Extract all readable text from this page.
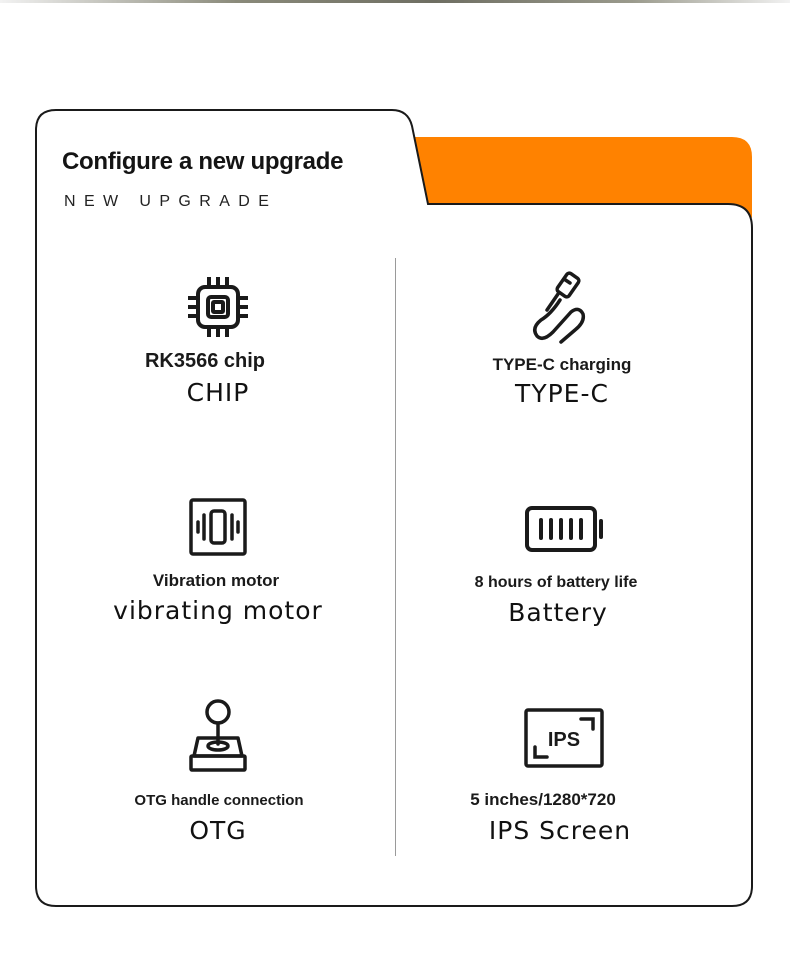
Configure a new upgrade
NEW UPGRADE
RK3566 chip
CHIP
TYPE-C charging
TYPE-C
Vibration motor
vibrating motor
8 hours of battery life
Battery
OTG handle connection
OTG
IPS
5 inches/1280*720
IPS Screen
